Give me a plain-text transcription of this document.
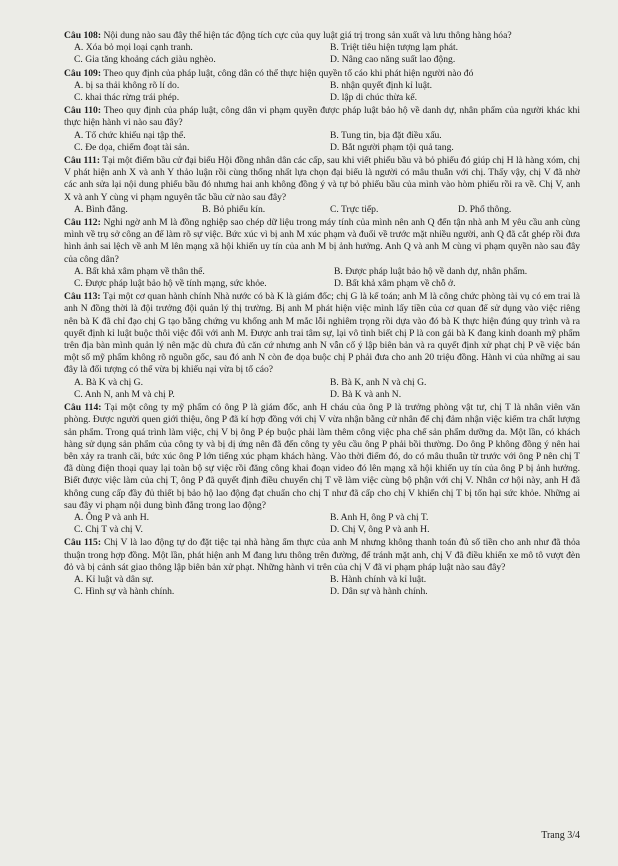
Câu 108: Nội dung nào sau đây thể hiện tác động tích cực của quy luật giá trị trong sản xuất và lưu thông hàng hóa?
A. Xóa bỏ mọi loại cạnh tranh.	B. Triệt tiêu hiện tượng lạm phát.
C. Gia tăng khoảng cách giàu nghèo.	D. Nâng cao năng suất lao động.
Câu 109: Theo quy định của pháp luật, công dân có thể thực hiện quyền tố cáo khi phát hiện người nào đó
A. bị sa thải không rõ lí do.	B. nhận quyết định kỉ luật.
C. khai thác rừng trái phép.	D. lập di chúc thừa kế.
Câu 110: Theo quy định của pháp luật, công dân vi phạm quyền được pháp luật bảo hộ về danh dự, nhân phẩm của người khác khi thực hiện hành vi nào sau đây?
A. Tổ chức khiếu nại tập thể.	B. Tung tin, bịa đặt điều xấu.
C. Đe dọa, chiếm đoạt tài sản.	D. Bắt người phạm tội quả tang.
Câu 111: Tại một điểm bầu cử đại biểu Hội đồng nhân dân các cấp, sau khi viết phiếu bầu và bỏ phiếu đó giúp chị H là hàng xóm, chị V phát hiện anh X và anh Y thảo luận rồi cùng thống nhất lựa chọn đại biểu là người có mâu thuẫn với chị. Thấy vậy, chị V đã nhờ các anh sửa lại nội dung phiếu bầu đó nhưng hai anh không đồng ý và tự bỏ phiếu bầu của mình vào hòm phiếu rồi ra về. Chị V, anh X và anh Y cùng vi phạm nguyên tắc bầu cử nào sau đây?
A. Bình đẳng.	B. Bỏ phiếu kín.	C. Trực tiếp.	D. Phổ thông.
Câu 112: Nghi ngờ anh M là đồng nghiệp sao chép dữ liệu trong máy tính của mình nên anh Q đến tận nhà anh M yêu cầu anh cùng mình về trụ sở công an để làm rõ sự việc. Bức xúc vì bị anh M xúc phạm và đuổi về trước mặt nhiều người, anh Q đã cắt ghép rồi đưa hình ảnh sai lệch về anh M lên mạng xã hội khiến uy tín của anh M bị ảnh hưởng. Anh Q và anh M cùng vi phạm quyền nào sau đây của công dân?
A. Bất khả xâm phạm về thân thể.	B. Được pháp luật bảo hộ về danh dự, nhân phẩm.
C. Được pháp luật bảo hộ về tính mạng, sức khỏe.	D. Bất khả xâm phạm về chỗ ở.
Câu 113: Tại một cơ quan hành chính Nhà nước có bà K là giám đốc; chị G là kế toán; anh M là công chức phòng tài vụ có em trai là anh N đồng thời là đội trưởng đội quản lý thị trường. Bị anh M phát hiện việc mình lấy tiền của cơ quan để sử dụng vào việc riêng nên bà K đã chỉ đạo chị G tạo bằng chứng vu khống anh M mắc lỗi nghiêm trọng rồi dựa vào đó bà K thực hiện đúng quy trình và ra quyết định kỉ luật buộc thôi việc đối với anh M. Được anh trai tâm sự, lại vô tình biết chị P là con gái bà K đang kinh doanh mỹ phẩm trên địa bàn mình quản lý nên mặc dù chưa đủ căn cứ nhưng anh N vẫn cố ý lập biên bản và ra quyết định xử phạt chị P về việc bán một số mỹ phẩm không rõ nguồn gốc, sau đó anh N còn đe dọa buộc chị P phải đưa cho anh 20 triệu đồng. Hành vi của những ai sau đây là đối tượng có thể vừa bị khiếu nại vừa bị tố cáo?
A. Bà K và chị G.	B. Bà K, anh N và chị G.
C. Anh N, anh M và chị P.	D. Bà K và anh N.
Câu 114: Tại một công ty mỹ phẩm có ông P là giám đốc, anh H cháu của ông P là trưởng phòng vật tư, chị T là nhân viên văn phòng. Được người quen giới thiệu, ông P đã kí hợp đồng với chị V vừa nhận bằng cử nhân để chị đảm nhận việc kiểm tra chất lượng sản phẩm. Trong quá trình làm việc, chị V bị ông P ép buộc phải làm thêm công việc pha chế sản phẩm dưỡng da. Một lần, có khách hàng sử dụng sản phẩm của công ty và bị dị ứng nên đã đến công ty yêu cầu ông P phải bồi thường. Do ông P không đồng ý nên hai bên xảy ra tranh cãi, bức xúc ông P lớn tiếng xúc phạm khách hàng. Vào thời điểm đó, do có mâu thuẫn từ trước với ông P nên chị T đã dùng điện thoại quay lại toàn bộ sự việc rồi đăng công khai đoạn video đó lên mạng xã hội khiến uy tín của ông P bị ảnh hưởng. Biết được việc làm của chị T, ông P đã quyết định điều chuyển chị T về làm việc cùng bộ phận với chị V. Nhân cơ hội này, anh H đã không cung cấp đầy đủ thiết bị bảo hộ lao động đạt chuẩn cho chị T như đã cấp cho chị V khiến chị T bị tổn hại sức khỏe. Những ai sau đây vi phạm nội dung bình đẳng trong lao động?
A. Ông P và anh H.	B. Anh H, ông P và chị T.
C. Chị T và chị V.	D. Chị V, ông P và anh H.
Câu 115: Chị V là lao động tự do đặt tiệc tại nhà hàng ẩm thực của anh M nhưng không thanh toán đủ số tiền cho anh như đã thỏa thuận trong hợp đồng. Một lần, phát hiện anh M đang lưu thông trên đường, để tránh mặt anh, chị V đã điều khiển xe mô tô vượt đèn đỏ và bị cảnh sát giao thông lập biên bản xử phạt. Những hành vi trên của chị V đã vi phạm pháp luật nào sau đây?
A. Kỉ luật và dân sự.	B. Hành chính và kỉ luật.
C. Hình sự và hành chính.	D. Dân sự và hành chính.
Trang 3/4
